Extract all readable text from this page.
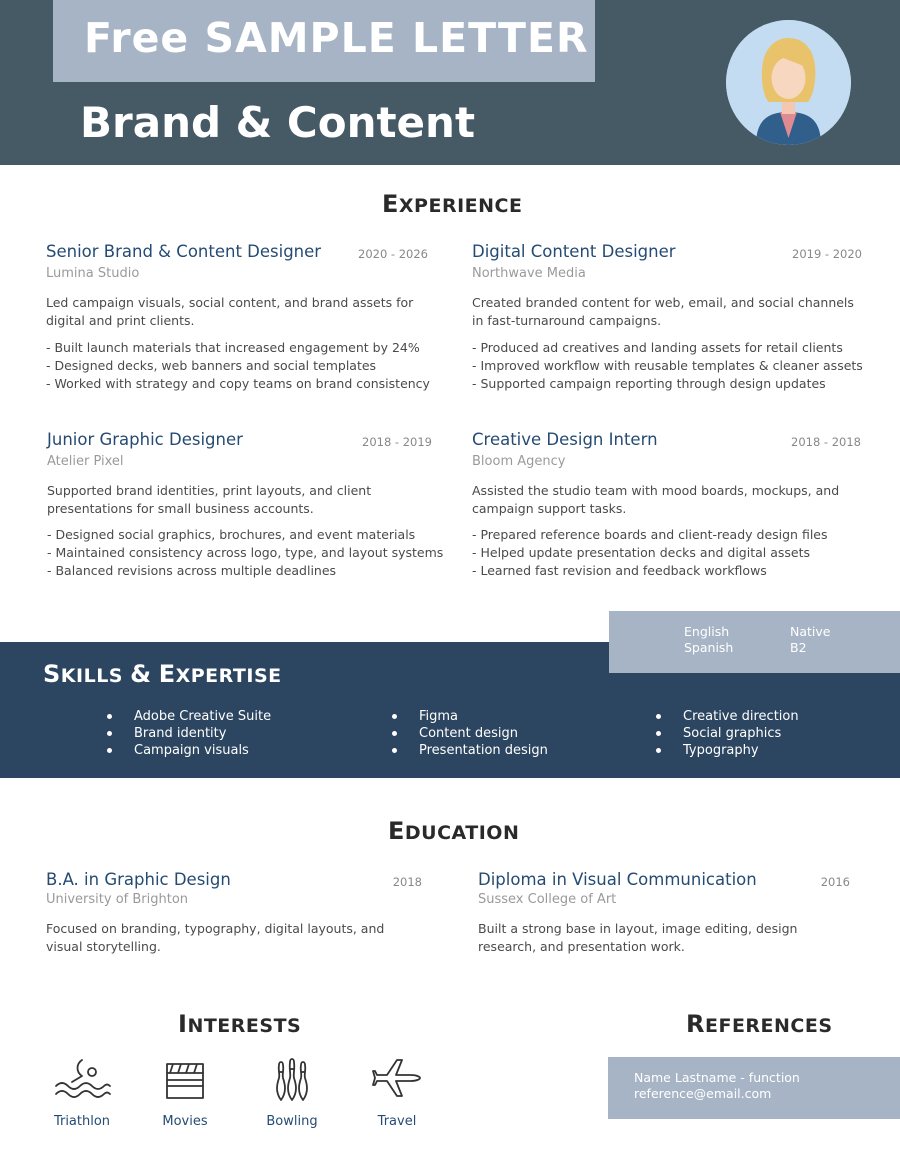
Free SAMPLE LETTER
Brand & Content
EXPERIENCE
Senior Brand & Content Designer	2020 - 2026
Lumina Studio
Led campaign visuals, social content, and brand assets for digital and print clients.
- Built launch materials that increased engagement by 24%
- Designed decks, web banners and social templates
- Worked with strategy and copy teams on brand consistency
Digital Content Designer	2019 - 2020
Northwave Media
Created branded content for web, email, and social channels in fast-turnaround campaigns.
- Produced ad creatives and landing assets for retail clients
- Improved workflow with reusable templates & cleaner assets
- Supported campaign reporting through design updates
Junior Graphic Designer	2018 - 2019
Atelier Pixel
Supported brand identities, print layouts, and client presentations for small business accounts.
- Designed social graphics, brochures, and event materials
- Maintained consistency across logo, type, and layout systems
- Balanced revisions across multiple deadlines
Creative Design Intern	2018 - 2018
Bloom Agency
Assisted the studio team with mood boards, mockups, and campaign support tasks.
- Prepared reference boards and client-ready design files
- Helped update presentation decks and digital assets
- Learned fast revision and feedback workflows
English	Native
Spanish	B2
SKILLS & EXPERTISE
Adobe Creative Suite
Brand identity
Campaign visuals
Figma
Content design
Presentation design
Creative direction
Social graphics
Typography
EDUCATION
B.A. in Graphic Design	2018
University of Brighton
Focused on branding, typography, digital layouts, and visual storytelling.
Diploma in Visual Communication	2016
Sussex College of Art
Built a strong base in layout, image editing, design research, and presentation work.
INTERESTS
Triathlon	Movies	Bowling	Travel
REFERENCES
Name Lastname - function
reference@email.com
